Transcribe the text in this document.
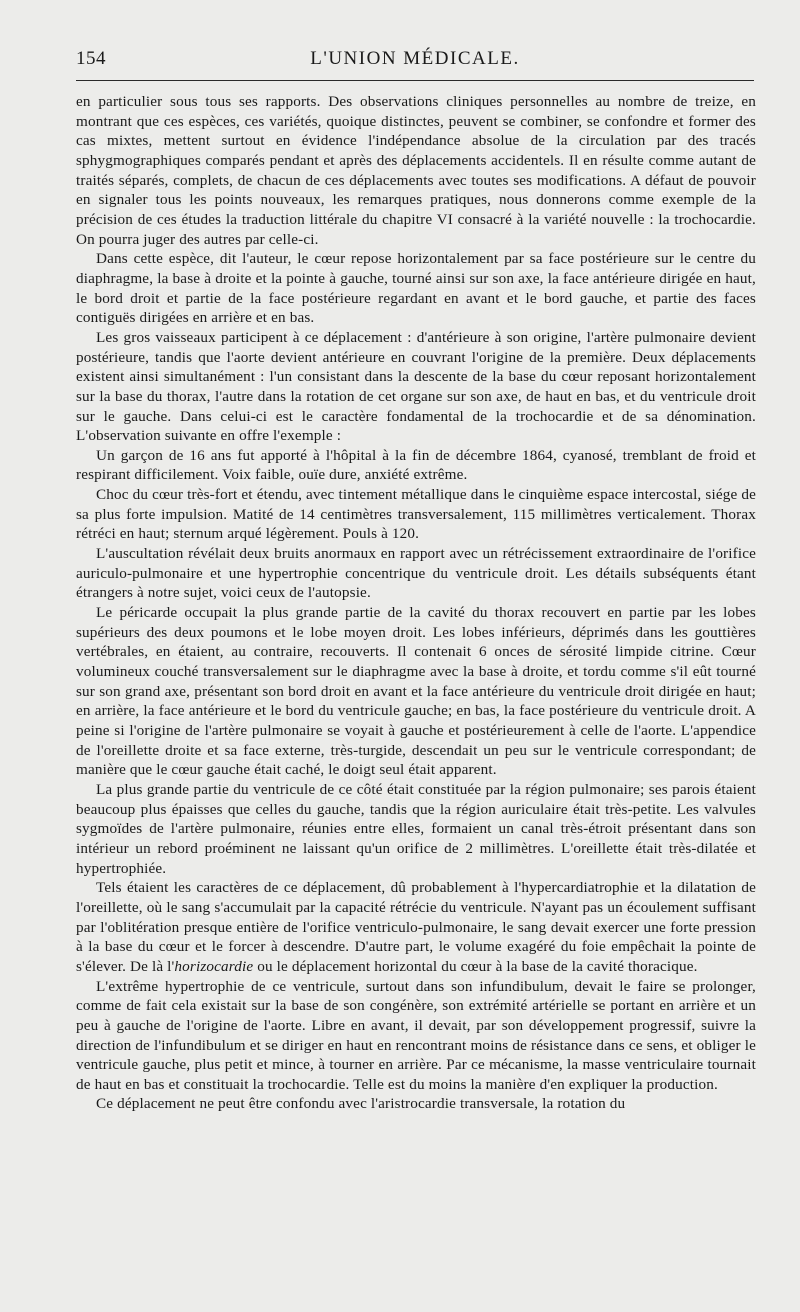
154	L'UNION MÉDICALE.

en particulier sous tous ses rapports. Des observations cliniques personnelles au nombre de treize, en montrant que ces espèces, ces variétés, quoique distinctes, peuvent se combiner, se confondre et former des cas mixtes, mettent surtout en évidence l'indépendance absolue de la circulation par des tracés sphygmographiques comparés pendant et après des déplacements accidentels. Il en résulte comme autant de traités séparés, complets, de chacun de ces déplacements avec toutes ses modifications. A défaut de pouvoir en signaler tous les points nouveaux, les remarques pratiques, nous donnerons comme exemple de la précision de ces études la traduction littérale du chapitre VI consacré à la variété nouvelle : la trochocardie. On pourra juger des autres par celle-ci.

Dans cette espèce, dit l'auteur, le cœur repose horizontalement par sa face postérieure sur le centre du diaphragme, la base à droite et la pointe à gauche, tourné ainsi sur son axe, la face antérieure dirigée en haut, le bord droit et partie de la face postérieure regardant en avant et le bord gauche, et partie des faces contiguës dirigées en arrière et en bas.

Les gros vaisseaux participent à ce déplacement : d'antérieure à son origine, l'artère pulmonaire devient postérieure, tandis que l'aorte devient antérieure en couvrant l'origine de la première. Deux déplacements existent ainsi simultanément : l'un consistant dans la descente de la base du cœur reposant horizontalement sur la base du thorax, l'autre dans la rotation de cet organe sur son axe, de haut en bas, et du ventricule droit sur le gauche. Dans celui-ci est le caractère fondamental de la trochocardie et de sa dénomination. L'observation suivante en offre l'exemple :

Un garçon de 16 ans fut apporté à l'hôpital à la fin de décembre 1864, cyanosé, tremblant de froid et respirant difficilement. Voix faible, ouïe dure, anxiété extrême.

Choc du cœur très-fort et étendu, avec tintement métallique dans le cinquième espace intercostal, siége de sa plus forte impulsion. Matité de 14 centimètres transversalement, 115 millimètres verticalement. Thorax rétréci en haut; sternum arqué légèrement. Pouls à 120.

L'auscultation révélait deux bruits anormaux en rapport avec un rétrécissement extraordinaire de l'orifice auriculo-pulmonaire et une hypertrophie concentrique du ventricule droit. Les détails subséquents étant étrangers à notre sujet, voici ceux de l'autopsie.

Le péricarde occupait la plus grande partie de la cavité du thorax recouvert en partie par les lobes supérieurs des deux poumons et le lobe moyen droit. Les lobes inférieurs, déprimés dans les gouttières vertébrales, en étaient, au contraire, recouverts. Il contenait 6 onces de sérosité limpide citrine. Cœur volumineux couché transversalement sur le diaphragme avec la base à droite, et tordu comme s'il eût tourné sur son grand axe, présentant son bord droit en avant et la face antérieure du ventricule droit dirigée en haut; en arrière, la face antérieure et le bord du ventricule gauche; en bas, la face postérieure du ventricule droit. A peine si l'origine de l'artère pulmonaire se voyait à gauche et postérieurement à celle de l'aorte. L'appendice de l'oreillette droite et sa face externe, très-turgide, descendait un peu sur le ventricule correspondant; de manière que le cœur gauche était caché, le doigt seul était apparent.

La plus grande partie du ventricule de ce côté était constituée par la région pulmonaire; ses parois étaient beaucoup plus épaisses que celles du gauche, tandis que la région auriculaire était très-petite. Les valvules sygmoïdes de l'artère pulmonaire, réunies entre elles, formaient un canal très-étroit présentant dans son intérieur un rebord proéminent ne laissant qu'un orifice de 2 millimètres. L'oreillette était très-dilatée et hypertrophiée.

Tels étaient les caractères de ce déplacement, dû probablement à l'hypercardiatrophie et la dilatation de l'oreillette, où le sang s'accumulait par la capacité rétrécie du ventricule. N'ayant pas un écoulement suffisant par l'oblitération presque entière de l'orifice ventriculo-pulmonaire, le sang devait exercer une forte pression à la base du cœur et le forcer à descendre. D'autre part, le volume exagéré du foie empêchait la pointe de s'élever. De là l'horizocardie ou le déplacement horizontal du cœur à la base de la cavité thoracique.

L'extrême hypertrophie de ce ventricule, surtout dans son infundibulum, devait le faire se prolonger, comme de fait cela existait sur la base de son congénère, son extrémité artérielle se portant en arrière et un peu à gauche de l'origine de l'aorte. Libre en avant, il devait, par son développement progressif, suivre la direction de l'infundibulum et se diriger en haut en rencontrant moins de résistance dans ce sens, et obliger le ventricule gauche, plus petit et mince, à tourner en arrière. Par ce mécanisme, la masse ventriculaire tournait de haut en bas et constituait la trochocardie. Telle est du moins la manière d'en expliquer la production.

Ce déplacement ne peut être confondu avec l'aristrocardie transversale, la rotation du
